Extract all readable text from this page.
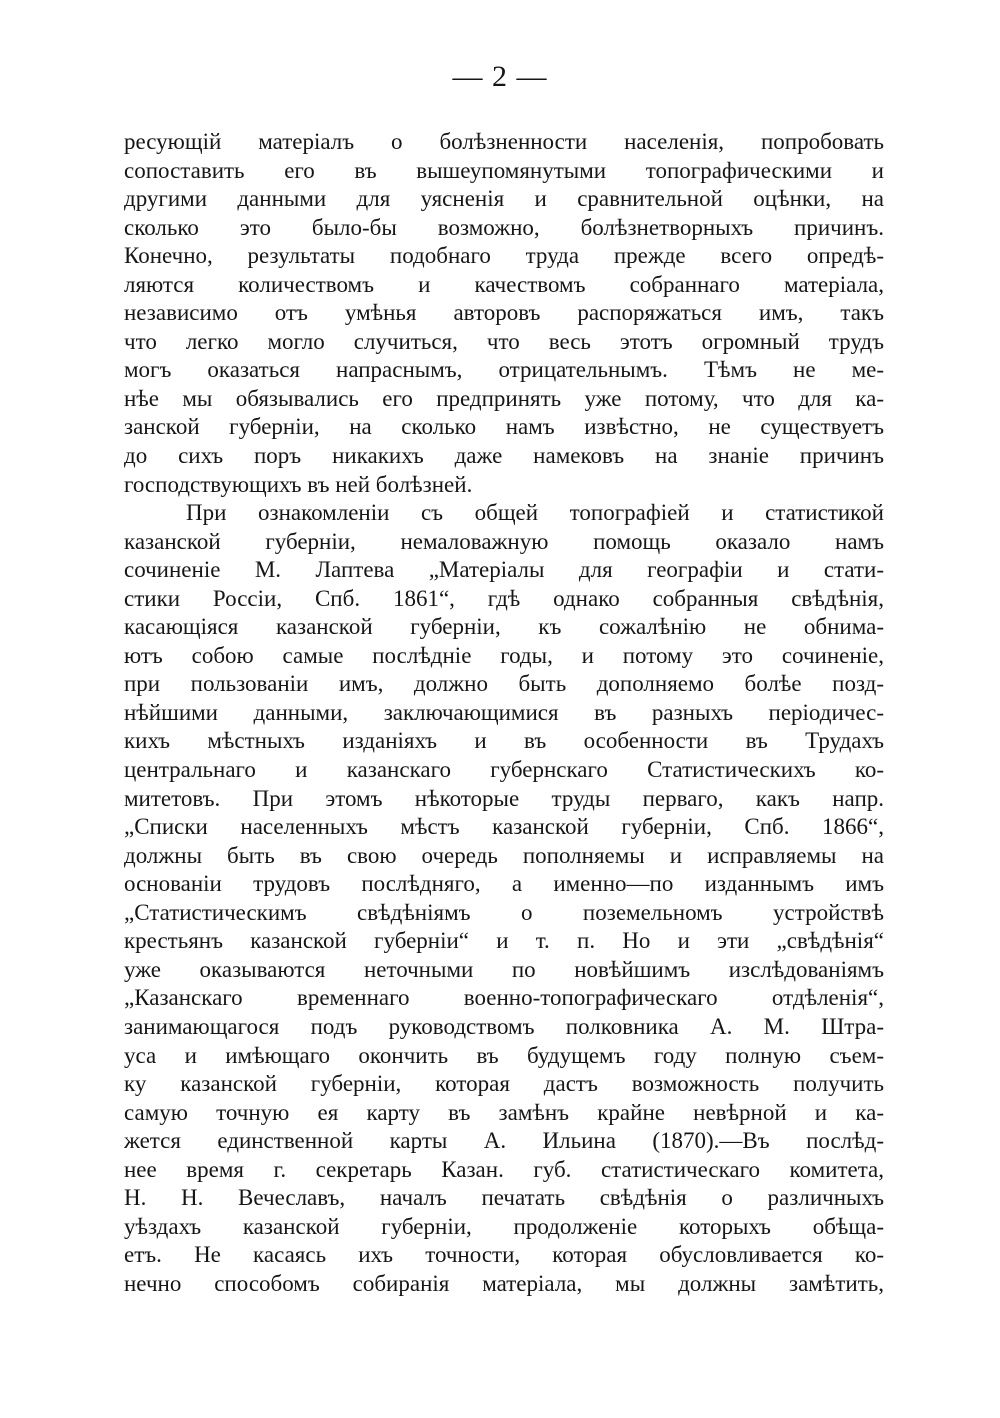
— 2 —
ресующій матеріалъ о болѣзненности населенія, попробовать
сопоставить его въ вышеупомянутыми топографическими и
другими данными для уясненія и сравнительной оцѣнки, на
сколько это было-бы возможно, болѣзнетворныхъ причинъ.
Конечно, результаты подобнаго труда прежде всего опредѣ-
ляются количествомъ и качествомъ собраннаго матеріала,
независимо отъ умѣнья авторовъ распоряжаться имъ, такъ
что легко могло случиться, что весь этотъ огромный трудъ
могъ оказаться напраснымъ, отрицательнымъ. Тѣмъ не ме-
нѣе мы обязывались его предпринять уже потому, что для ка-
занской губерніи, на сколько намъ извѣстно, не существуетъ
до сихъ поръ никакихъ даже намековъ на знаніе причинъ
господствующихъ въ ней болѣзней.
При ознакомленіи съ общей топографіей и статистикой
казанской губерніи, немаловажную помощь оказало намъ
сочиненіе М. Лаптева „Матеріалы для географіи и стати-
стики Россіи, Спб. 1861“, гдѣ однако собранныя свѣдѣнія,
касающіяся казанской губерніи, къ сожалѣнію не обнима-
ютъ собою самые послѣдніе годы, и потому это сочиненіе,
при пользованіи имъ, должно быть дополняемо болѣе позд-
нѣйшими данными, заключающимися въ разныхъ періодичес-
кихъ мѣстныхъ изданіяхъ и въ особенности въ Трудахъ
центральнаго и казанскаго губернскаго Статистическихъ ко-
митетовъ. При этомъ нѣкоторые труды перваго, какъ напр.
„Списки населенныхъ мѣстъ казанской губерніи, Спб. 1866“,
должны быть въ свою очередь пополняемы и исправляемы на
основаніи трудовъ послѣдняго, а именно—по изданнымъ имъ
„Статистическимъ свѣдѣніямъ о поземельномъ устройствѣ
крестьянъ казанской губерніи“ и т. п. Но и эти „свѣдѣнія“
уже оказываются неточными по новѣйшимъ изслѣдованіямъ
„Казанскаго временнаго военно-топографическаго отдѣленія“,
занимающагося подъ руководствомъ полковника А. М. Штра-
уса и имѣющаго окончить въ будущемъ году полную съем-
ку казанской губерніи, которая дастъ возможность получить
самую точную ея карту въ замѣнъ крайне невѣрной и ка-
жется единственной карты А. Ильина (1870).—Въ послѣд-
нее время г. секретарь Казан. губ. статистическаго комитета,
Н. Н. Вечеславъ, началъ печатать свѣдѣнія о различныхъ
уѣздахъ казанской губерніи, продолженіе которыхъ обѣща-
етъ. Не касаясь ихъ точности, которая обусловливается ко-
нечно способомъ собиранія матеріала, мы должны замѣтить,
